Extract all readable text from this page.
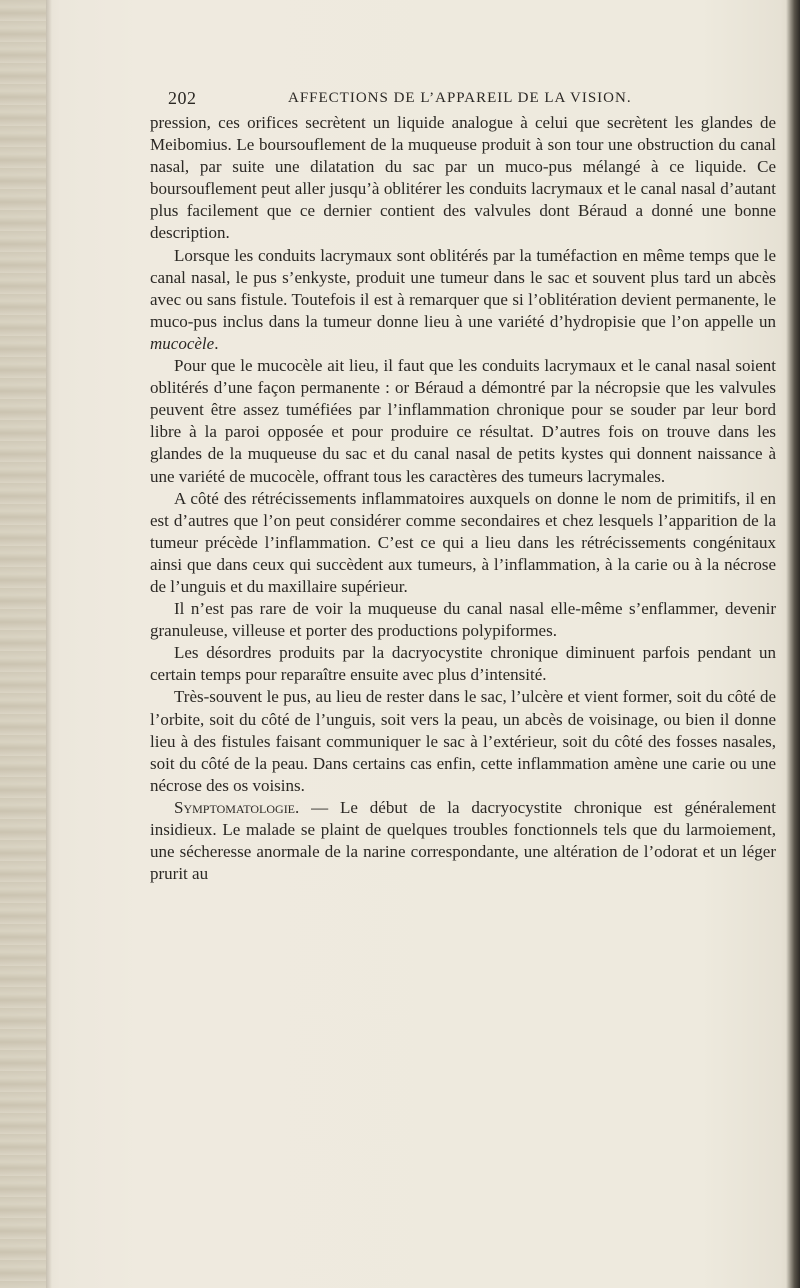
202	AFFECTIONS DE L’APPAREIL DE LA VISION.

pression, ces orifices secrètent un liquide analogue à celui que secrètent les glandes de Meibomius. Le boursouflement de la muqueuse produit à son tour une obstruction du canal nasal, par suite une dilatation du sac par un muco-pus mélangé à ce liquide. Ce boursouflement peut aller jusqu’à oblitérer les conduits lacrymaux et le canal nasal d’autant plus facilement que ce dernier contient des valvules dont Béraud a donné une bonne description.

Lorsque les conduits lacrymaux sont oblitérés par la tuméfaction en même temps que le canal nasal, le pus s’enkyste, produit une tumeur dans le sac et souvent plus tard un abcès avec ou sans fistule. Toutefois il est à remarquer que si l’oblitération devient permanente, le muco-pus inclus dans la tumeur donne lieu à une variété d’hydropisie que l’on appelle un mucocèle.

Pour que le mucocèle ait lieu, il faut que les conduits lacrymaux et le canal nasal soient oblitérés d’une façon permanente : or Béraud a démontré par la nécropsie que les valvules peuvent être assez tuméfiées par l’inflammation chronique pour se souder par leur bord libre à la paroi opposée et pour produire ce résultat. D’autres fois on trouve dans les glandes de la muqueuse du sac et du canal nasal de petits kystes qui donnent naissance à une variété de mucocèle, offrant tous les caractères des tumeurs lacrymales.

A côté des rétrécissements inflammatoires auxquels on donne le nom de primitifs, il en est d’autres que l’on peut considérer comme secondaires et chez lesquels l’apparition de la tumeur précède l’inflammation. C’est ce qui a lieu dans les rétrécissements congénitaux ainsi que dans ceux qui succèdent aux tumeurs, à l’inflammation, à la carie ou à la nécrose de l’unguis et du maxillaire supérieur.

Il n’est pas rare de voir la muqueuse du canal nasal elle-même s’enflammer, devenir granuleuse, villeuse et porter des productions polypiformes.

Les désordres produits par la dacryocystite chronique diminuent parfois pendant un certain temps pour reparaître ensuite avec plus d’intensité.

Très-souvent le pus, au lieu de rester dans le sac, l’ulcère et vient former, soit du côté de l’orbite, soit du côté de l’unguis, soit vers la peau, un abcès de voisinage, ou bien il donne lieu à des fistules faisant communiquer le sac à l’extérieur, soit du côté des fosses nasales, soit du côté de la peau. Dans certains cas enfin, cette inflammation amène une carie ou une nécrose des os voisins.

Symptomatologie. — Le début de la dacryocystite chronique est généralement insidieux. Le malade se plaint de quelques troubles fonctionnels tels que du larmoiement, une sécheresse anormale de la narine correspondante, une altération de l’odorat et un léger prurit au
